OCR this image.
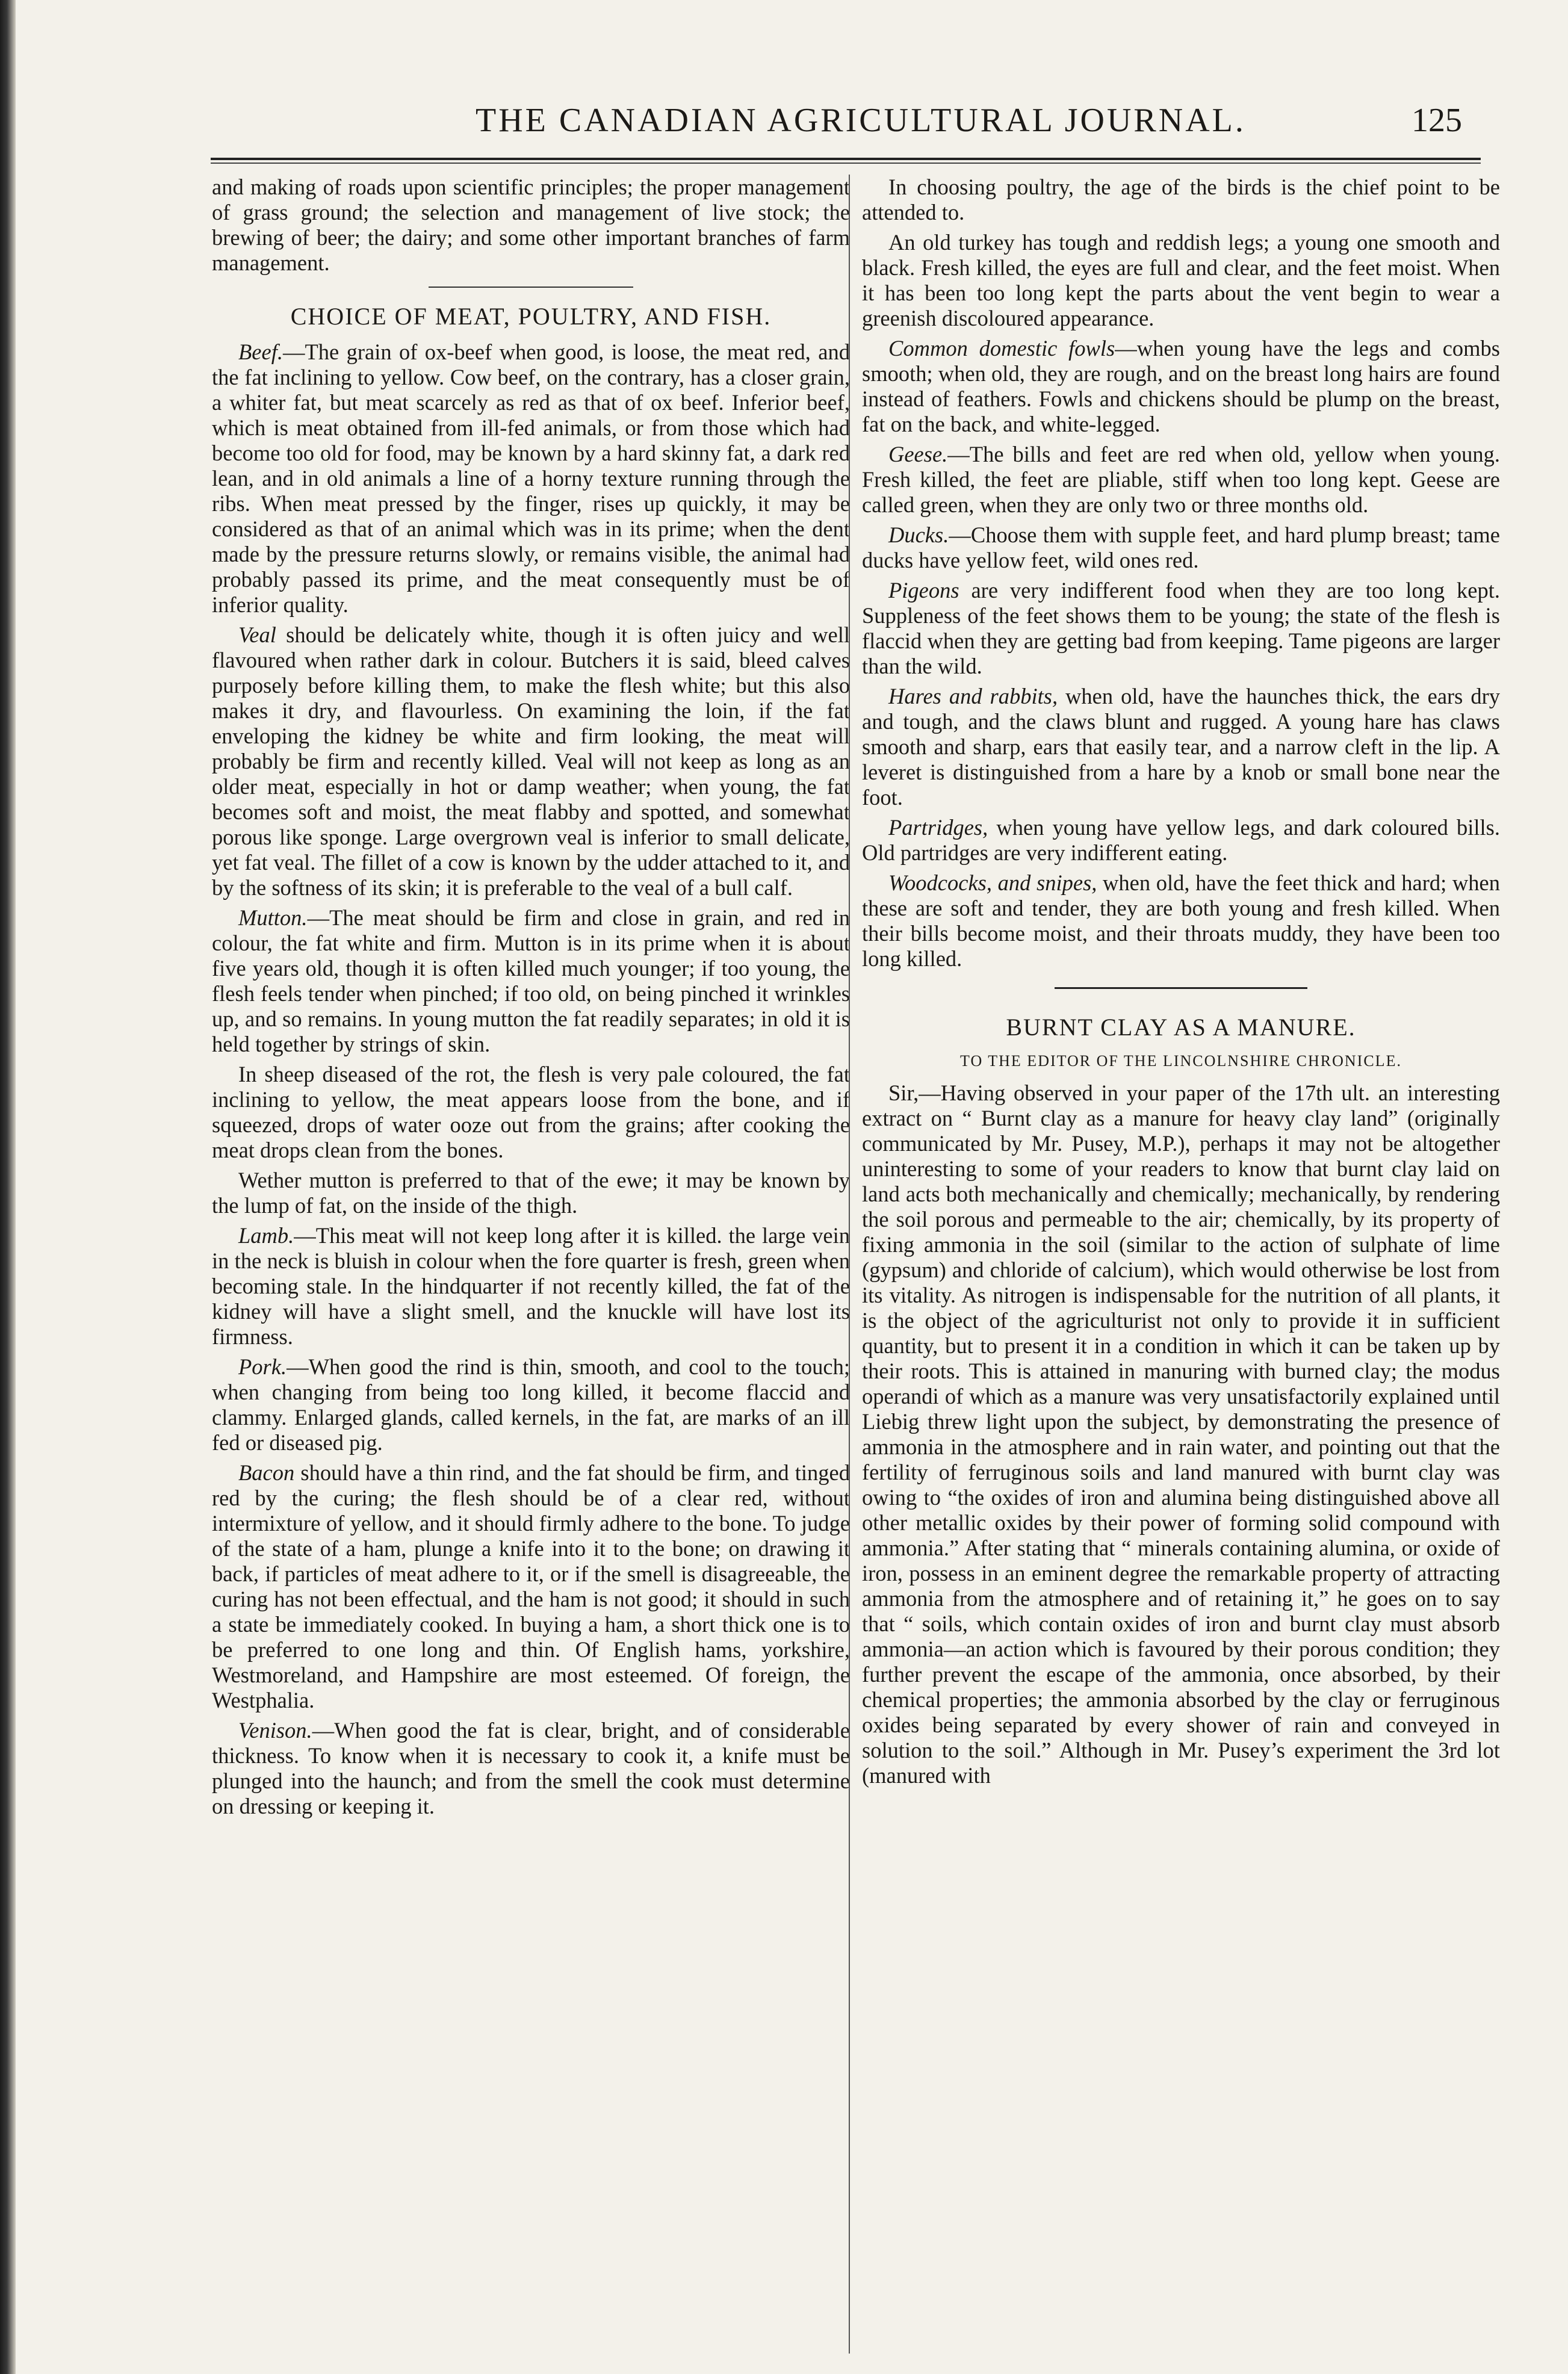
THE CANADIAN AGRICULTURAL JOURNAL.	125

and making of roads upon scientific principles; the proper management of grass ground; the selection and management of live stock; the brewing of beer; the dairy; and some other important branches of farm management.

CHOICE OF MEAT, POULTRY, AND FISH.

Beef.—The grain of ox-beef when good, is loose, the meat red, and the fat inclining to yellow. Cow beef, on the contrary, has a closer grain, a whiter fat, but meat scarcely as red as that of ox beef. Inferior beef, which is meat obtained from ill-fed animals, or from those which had become too old for food, may be known by a hard skinny fat, a dark red lean, and in old animals a line of a horny texture running through the ribs. When meat pressed by the finger, rises up quickly, it may be considered as that of an animal which was in its prime; when the dent made by the pressure returns slowly, or remains visible, the animal had probably passed its prime, and the meat consequently must be of inferior quality.

Veal should be delicately white, though it is often juicy and well flavoured when rather dark in colour. Butchers it is said, bleed calves purposely before killing them, to make the flesh white; but this also makes it dry, and flavourless. On examining the loin, if the fat enveloping the kidney be white and firm looking, the meat will probably be firm and recently killed. Veal will not keep as long as an older meat, especially in hot or damp weather; when young, the fat becomes soft and moist, the meat flabby and spotted, and somewhat porous like sponge. Large overgrown veal is inferior to small delicate, yet fat veal. The fillet of a cow is known by the udder attached to it, and by the softness of its skin; it is preferable to the veal of a bull calf.

Mutton.—The meat should be firm and close in grain, and red in colour, the fat white and firm. Mutton is in its prime when it is about five years old, though it is often killed much younger; if too young, the flesh feels tender when pinched; if too old, on being pinched it wrinkles up, and so remains. In young mutton the fat readily separates; in old it is held together by strings of skin.

In sheep diseased of the rot, the flesh is very pale coloured, the fat inclining to yellow, the meat appears loose from the bone, and if squeezed, drops of water ooze out from the grains; after cooking the meat drops clean from the bones.

Wether mutton is preferred to that of the ewe; it may be known by the lump of fat, on the inside of the thigh.

Lamb.—This meat will not keep long after it is killed. the large vein in the neck is bluish in colour when the fore quarter is fresh, green when becoming stale. In the hindquarter if not recently killed, the fat of the kidney will have a slight smell, and the knuckle will have lost its firmness.

Pork.—When good the rind is thin, smooth, and cool to the touch; when changing from being too long killed, it become flaccid and clammy. Enlarged glands, called kernels, in the fat, are marks of an ill fed or diseased pig.

Bacon should have a thin rind, and the fat should be firm, and tinged red by the curing; the flesh should be of a clear red, without intermixture of yellow, and it should firmly adhere to the bone. To judge of the state of a ham, plunge a knife into it to the bone; on drawing it back, if particles of meat adhere to it, or if the smell is disagreeable, the curing has not been effectual, and the ham is not good; it should in such a state be immediately cooked. In buying a ham, a short thick one is to be preferred to one long and thin. Of English hams, yorkshire, Westmoreland, and Hampshire are most esteemed. Of foreign, the Westphalia.

Venison.—When good the fat is clear, bright, and of considerable thickness. To know when it is necessary to cook it, a knife must be plunged into the haunch; and from the smell the cook must determine on dressing or keeping it.

In choosing poultry, the age of the birds is the chief point to be attended to.

An old turkey has tough and reddish legs; a young one smooth and black. Fresh killed, the eyes are full and clear, and the feet moist. When it has been too long kept the parts about the vent begin to wear a greenish discoloured appearance.

Common domestic fowls—when young have the legs and combs smooth; when old, they are rough, and on the breast long hairs are found instead of feathers. Fowls and chickens should be plump on the breast, fat on the back, and white-legged.

Geese.—The bills and feet are red when old, yellow when young. Fresh killed, the feet are pliable, stiff when too long kept. Geese are called green, when they are only two or three months old.

Ducks.—Choose them with supple feet, and hard plump breast; tame ducks have yellow feet, wild ones red.

Pigeons are very indifferent food when they are too long kept. Suppleness of the feet shows them to be young; the state of the flesh is flaccid when they are getting bad from keeping. Tame pigeons are larger than the wild.

Hares and rabbits, when old, have the haunches thick, the ears dry and tough, and the claws blunt and rugged. A young hare has claws smooth and sharp, ears that easily tear, and a narrow cleft in the lip. A leveret is distinguished from a hare by a knob or small bone near the foot.

Partridges, when young have yellow legs, and dark coloured bills. Old partridges are very indifferent eating.

Woodcocks, and snipes, when old, have the feet thick and hard; when these are soft and tender, they are both young and fresh killed. When their bills become moist, and their throats muddy, they have been too long killed.

BURNT CLAY AS A MANURE.
TO THE EDITOR OF THE LINCOLNSHIRE CHRONICLE.

Sir,—Having observed in your paper of the 17th ult. an interesting extract on “ Burnt clay as a manure for heavy clay land” (originally communicated by Mr. Pusey, M.P.), perhaps it may not be altogether uninteresting to some of your readers to know that burnt clay laid on land acts both mechanically and chemically; mechanically, by rendering the soil porous and permeable to the air; chemically, by its property of fixing ammonia in the soil (similar to the action of sulphate of lime (gypsum) and chloride of calcium), which would otherwise be lost from its vitality. As nitrogen is indispensable for the nutrition of all plants, it is the object of the agriculturist not only to provide it in sufficient quantity, but to present it in a condition in which it can be taken up by their roots. This is attained in manuring with burned clay; the modus operandi of which as a manure was very unsatisfactorily explained until Liebig threw light upon the subject, by demonstrating the presence of ammonia in the atmosphere and in rain water, and pointing out that the fertility of ferruginous soils and land manured with burnt clay was owing to “the oxides of iron and alumina being distinguished above all other metallic oxides by their power of forming solid compound with ammonia.” After stating that “ minerals containing alumina, or oxide of iron, possess in an eminent degree the remarkable property of attracting ammonia from the atmosphere and of retaining it,” he goes on to say that “ soils, which contain oxides of iron and burnt clay must absorb ammonia—an action which is favoured by their porous condition; they further prevent the escape of the ammonia, once absorbed, by their chemical properties; the ammonia absorbed by the clay or ferruginous oxides being separated by every shower of rain and conveyed in solution to the soil.” Although in Mr. Pusey’s experiment the 3rd lot (manured with
